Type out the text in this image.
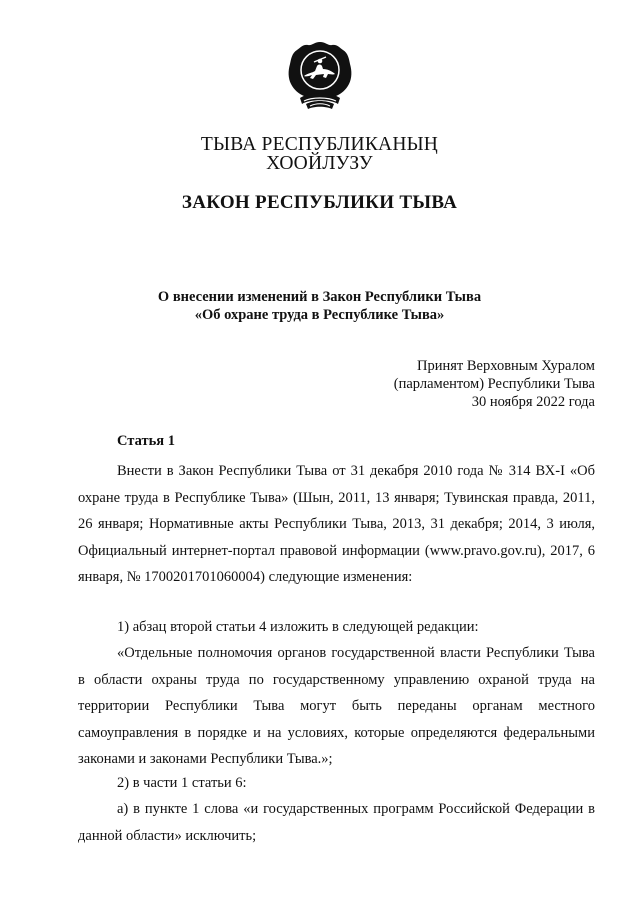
ТЫВА РЕСПУБЛИКАНЫҢ
ХООЙЛУЗУ
ЗАКОН РЕСПУБЛИКИ ТЫВА
О внесении изменений в Закон Республики Тыва
«Об охране труда в Республике Тыва»
Принят Верховным Хуралом
(парламентом) Республики Тыва
30 ноября 2022 года
Статья 1
Внести в Закон Республики Тыва от 31 декабря 2010 года № 314 ВХ-I «Об охране труда в Республике Тыва» (Шын, 2011, 13 января; Тувинская правда, 2011, 26 января; Нормативные акты Республики Тыва, 2013, 31 декабря; 2014, 3 июля, Официальный интернет-портал правовой информации (www.pravo.gov.ru), 2017, 6 января, № 1700201701060004) следующие изменения:
1) абзац второй статьи 4 изложить в следующей редакции:
«Отдельные полномочия органов государственной власти Республики Тыва в области охраны труда по государственному управлению охраной труда на территории Республики Тыва могут быть переданы органам местного самоуправления в порядке и на условиях, которые определяются федеральными законами и законами Республики Тыва.»;
2) в части 1 статьи 6:
а) в пункте 1 слова «и государственных программ Российской Федерации в данной области» исключить;
